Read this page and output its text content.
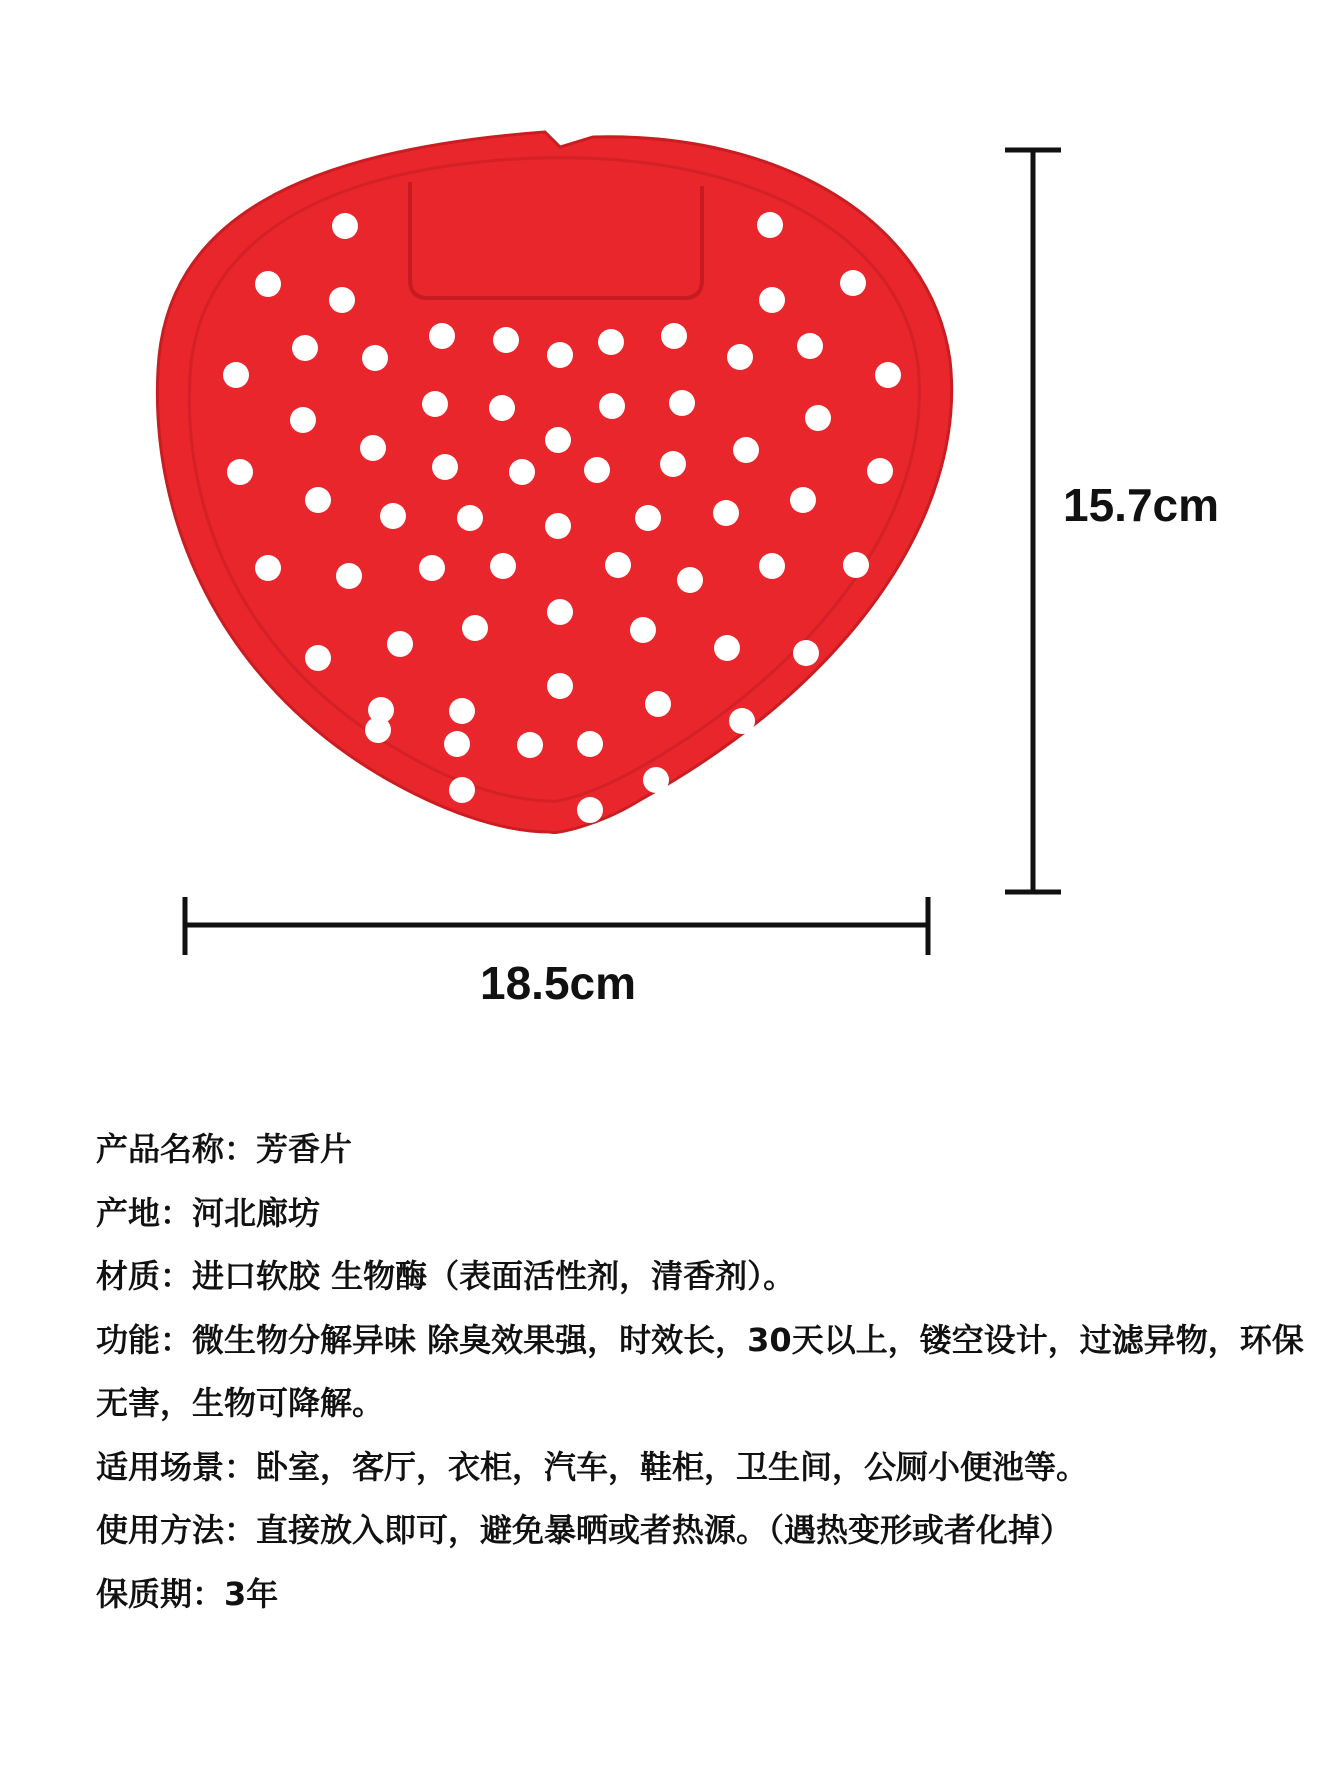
15.7cm
18.5cm
产品名称：芳香片
产地：河北廊坊
材质：进口软胶 生物酶（表面活性剂，清香剂）。
功能：微生物分解异味 除臭效果强，时效长，30天以上，镂空设计，过滤异物，环保无害，生物可降解。
适用场景：卧室，客厅，衣柜，汽车，鞋柜，卫生间，公厕小便池等。
使用方法：直接放入即可，避免暴晒或者热源。（遇热变形或者化掉）
保质期：3年
